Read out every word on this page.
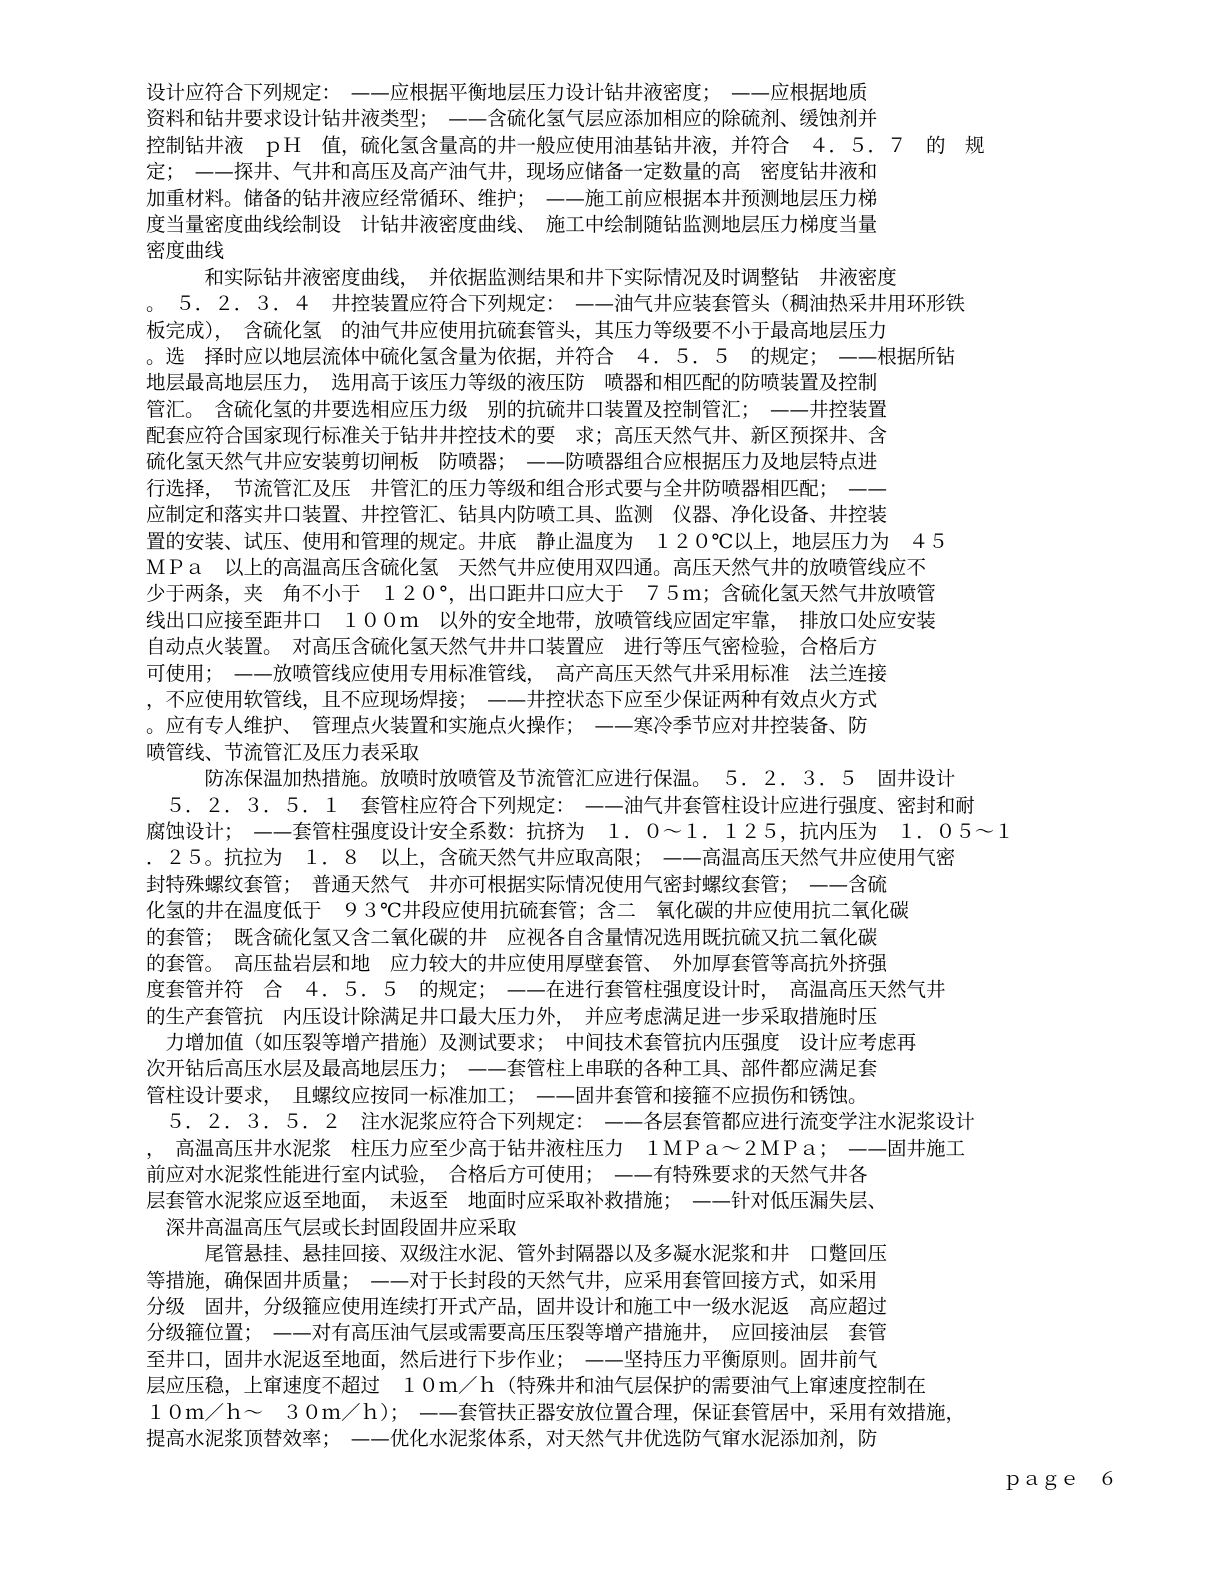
设计应符合下列规定：　——应根据平衡地层压力设计钻井液密度；　——应根据地质
资料和钻井要求设计钻井液类型；　——含硫化氢气层应添加相应的除硫剂、缓蚀剂并
控制钻井液　ｐＨ　值，硫化氢含量高的井一般应使用油基钻井液，并符合　４．５．７　的　规
定；　——探井、气井和高压及高产油气井，现场应储备一定数量的高　密度钻井液和
加重材料。储备的钻井液应经常循环、维护；　——施工前应根据本井预测地层压力梯
度当量密度曲线绘制设　计钻井液密度曲线、　施工中绘制随钻监测地层压力梯度当量
密度曲线
　　　和实际钻井液密度曲线，　并依据监测结果和井下实际情况及时调整钻　井液密度
。　５．２．３．４　井控装置应符合下列规定：　——油气井应装套管头（稠油热采井用环形铁
板完成），　含硫化氢　的油气井应使用抗硫套管头，其压力等级要不小于最高地层压力
。选　择时应以地层流体中硫化氢含量为依据，并符合　４．５．５　的规定；　——根据所钻
地层最高地层压力，　选用高于该压力等级的液压防　喷器和相匹配的防喷装置及控制
管汇。　含硫化氢的井要选相应压力级　别的抗硫井口装置及控制管汇；　——井控装置
配套应符合国家现行标准关于钻井井控技术的要　求；高压天然气井、新区预探井、含
硫化氢天然气井应安装剪切闸板　防喷器；　——防喷器组合应根据压力及地层特点进
行选择，　节流管汇及压　井管汇的压力等级和组合形式要与全井防喷器相匹配；　——
应制定和落实井口装置、井控管汇、钻具内防喷工具、监测　仪器、净化设备、井控装
置的安装、试压、使用和管理的规定。井底　静止温度为　１２０℃以上，地层压力为　４５
ＭＰａ　以上的高温高压含硫化氢　天然气井应使用双四通。高压天然气井的放喷管线应不
少于两条，夹　角不小于　１２０°，出口距井口应大于　７５ｍ；含硫化氢天然气井放喷管
线出口应接至距井口　１００ｍ　以外的安全地带，放喷管线应固定牢靠，　排放口处应安装
自动点火装置。　对高压含硫化氢天然气井井口装置应　进行等压气密检验，合格后方
可使用；　——放喷管线应使用专用标准管线，　高产高压天然气井采用标准　法兰连接
，不应使用软管线，且不应现场焊接；　——井控状态下应至少保证两种有效点火方式
。应有专人维护、　管理点火装置和实施点火操作；　——寒冷季节应对井控装备、防
喷管线、节流管汇及压力表采取
　　　防冻保温加热措施。放喷时放喷管及节流管汇应进行保温。　５．２．３．５　固井设计
　５．２．３．５．１　套管柱应符合下列规定：　——油气井套管柱设计应进行强度、密封和耐
腐蚀设计；　——套管柱强度设计安全系数：抗挤为　１．０～１．１２５，抗内压为　１．０５～１
．２５。抗拉为　１．８　以上，含硫天然气井应取高限；　——高温高压天然气井应使用气密
封特殊螺纹套管；　普通天然气　井亦可根据实际情况使用气密封螺纹套管；　——含硫
化氢的井在温度低于　９３℃井段应使用抗硫套管；含二　氧化碳的井应使用抗二氧化碳
的套管；　既含硫化氢又含二氧化碳的井　应视各自含量情况选用既抗硫又抗二氧化碳
的套管。　高压盐岩层和地　应力较大的井应使用厚壁套管、　外加厚套管等高抗外挤强
度套管并符　合　４．５．５　的规定；　——在进行套管柱强度设计时，　高温高压天然气井
的生产套管抗　内压设计除满足井口最大压力外，　并应考虑满足进一步采取措施时压
　力增加值（如压裂等增产措施）及测试要求；　中间技术套管抗内压强度　设计应考虑再
次开钻后高压水层及最高地层压力；　——套管柱上串联的各种工具、部件都应满足套
管柱设计要求，　且螺纹应按同一标准加工；　——固井套管和接箍不应损伤和锈蚀。
　５．２．３．５．２　注水泥浆应符合下列规定：　——各层套管都应进行流变学注水泥浆设计
，　高温高压井水泥浆　柱压力应至少高于钻井液柱压力　１ＭＰａ～２ＭＰａ；　——固井施工
前应对水泥浆性能进行室内试验，　合格后方可使用；　——有特殊要求的天然气井各
层套管水泥浆应返至地面，　未返至　地面时应采取补救措施；　——针对低压漏失层、
　深井高温高压气层或长封固段固井应采取
　　　尾管悬挂、悬挂回接、双级注水泥、管外封隔器以及多凝水泥浆和井　口蹩回压
等措施，确保固井质量；　——对于长封段的天然气井，应采用套管回接方式，如采用
分级　固井，分级箍应使用连续打开式产品，固井设计和施工中一级水泥返　高应超过
分级箍位置；　——对有高压油气层或需要高压压裂等增产措施井，　应回接油层　套管
至井口，固井水泥返至地面，然后进行下步作业；　——坚持压力平衡原则。固井前气
层应压稳，上窜速度不超过　１０ｍ／ｈ（特殊井和油气层保护的需要油气上窜速度控制在
１０ｍ／ｈ～　３０ｍ／ｈ）；　——套管扶正器安放位置合理，保证套管居中，采用有效措施，
提高水泥浆顶替效率；　——优化水泥浆体系，对天然气井优选防气窜水泥添加剂，防
ｐａｇｅ　６
